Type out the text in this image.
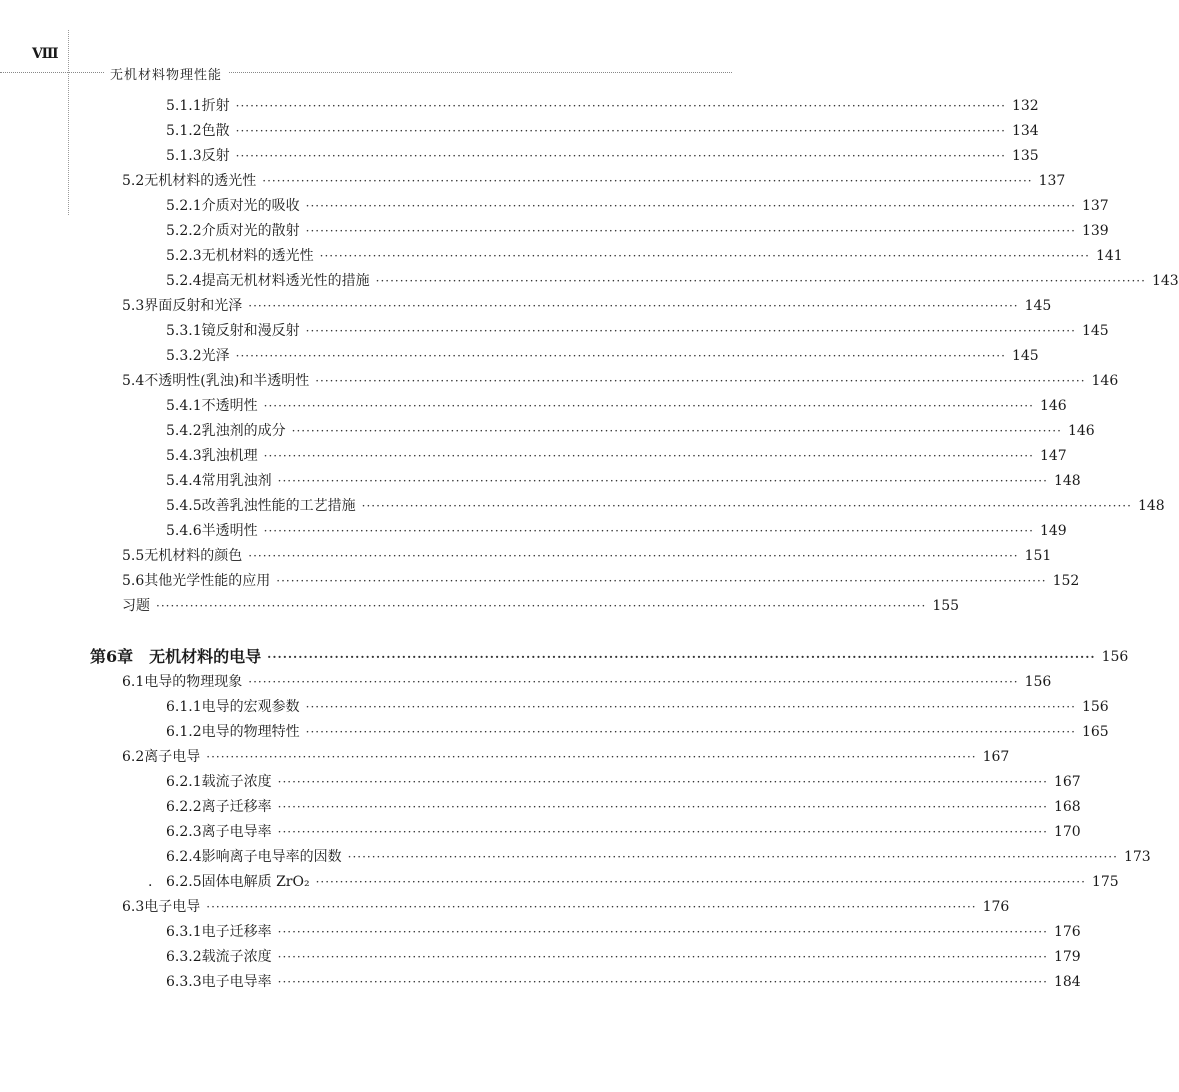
Ⅷ
无机材料物理性能
5.1.1 折射 ································································································································································ 132
5.1.2 色散 ································································································································································ 134
5.1.3 反射 ································································································································································ 135
5.2 无机材料的透光性 ································································································································································ 137
5.2.1 介质对光的吸收 ································································································································································ 137
5.2.2 介质对光的散射 ································································································································································ 139
5.2.3 无机材料的透光性 ································································································································································ 141
5.2.4 提高无机材料透光性的措施 ································································································································································ 143
5.3 界面反射和光泽 ································································································································································ 145
5.3.1 镜反射和漫反射 ································································································································································ 145
5.3.2 光泽 ································································································································································ 145
5.4 不透明性(乳浊)和半透明性 ································································································································································ 146
5.4.1 不透明性 ································································································································································ 146
5.4.2 乳浊剂的成分 ································································································································································ 146
5.4.3 乳浊机理 ································································································································································ 147
5.4.4 常用乳浊剂 ································································································································································ 148
5.4.5 改善乳浊性能的工艺措施 ································································································································································ 148
5.4.6 半透明性 ································································································································································ 149
5.5 无机材料的颜色 ································································································································································ 151
5.6 其他光学性能的应用 ································································································································································ 152
习题 ································································································································································ 155
第6章 无机材料的电导 ································································································································································ 156
6.1 电导的物理现象 ································································································································································ 156
6.1.1 电导的宏观参数 ································································································································································ 156
6.1.2 电导的物理特性 ································································································································································ 165
6.2 离子电导 ································································································································································ 167
6.2.1 载流子浓度 ································································································································································ 167
6.2.2 离子迁移率 ································································································································································ 168
6.2.3 离子电导率 ································································································································································ 170
6.2.4 影响离子电导率的因数 ································································································································································ 173
6.2.5 固体电解质 ZrO₂ ································································································································································ 175
6.3 电子电导 ································································································································································ 176
6.3.1 电子迁移率 ································································································································································ 176
6.3.2 载流子浓度 ································································································································································ 179
6.3.3 电子电导率 ································································································································································ 184
·
